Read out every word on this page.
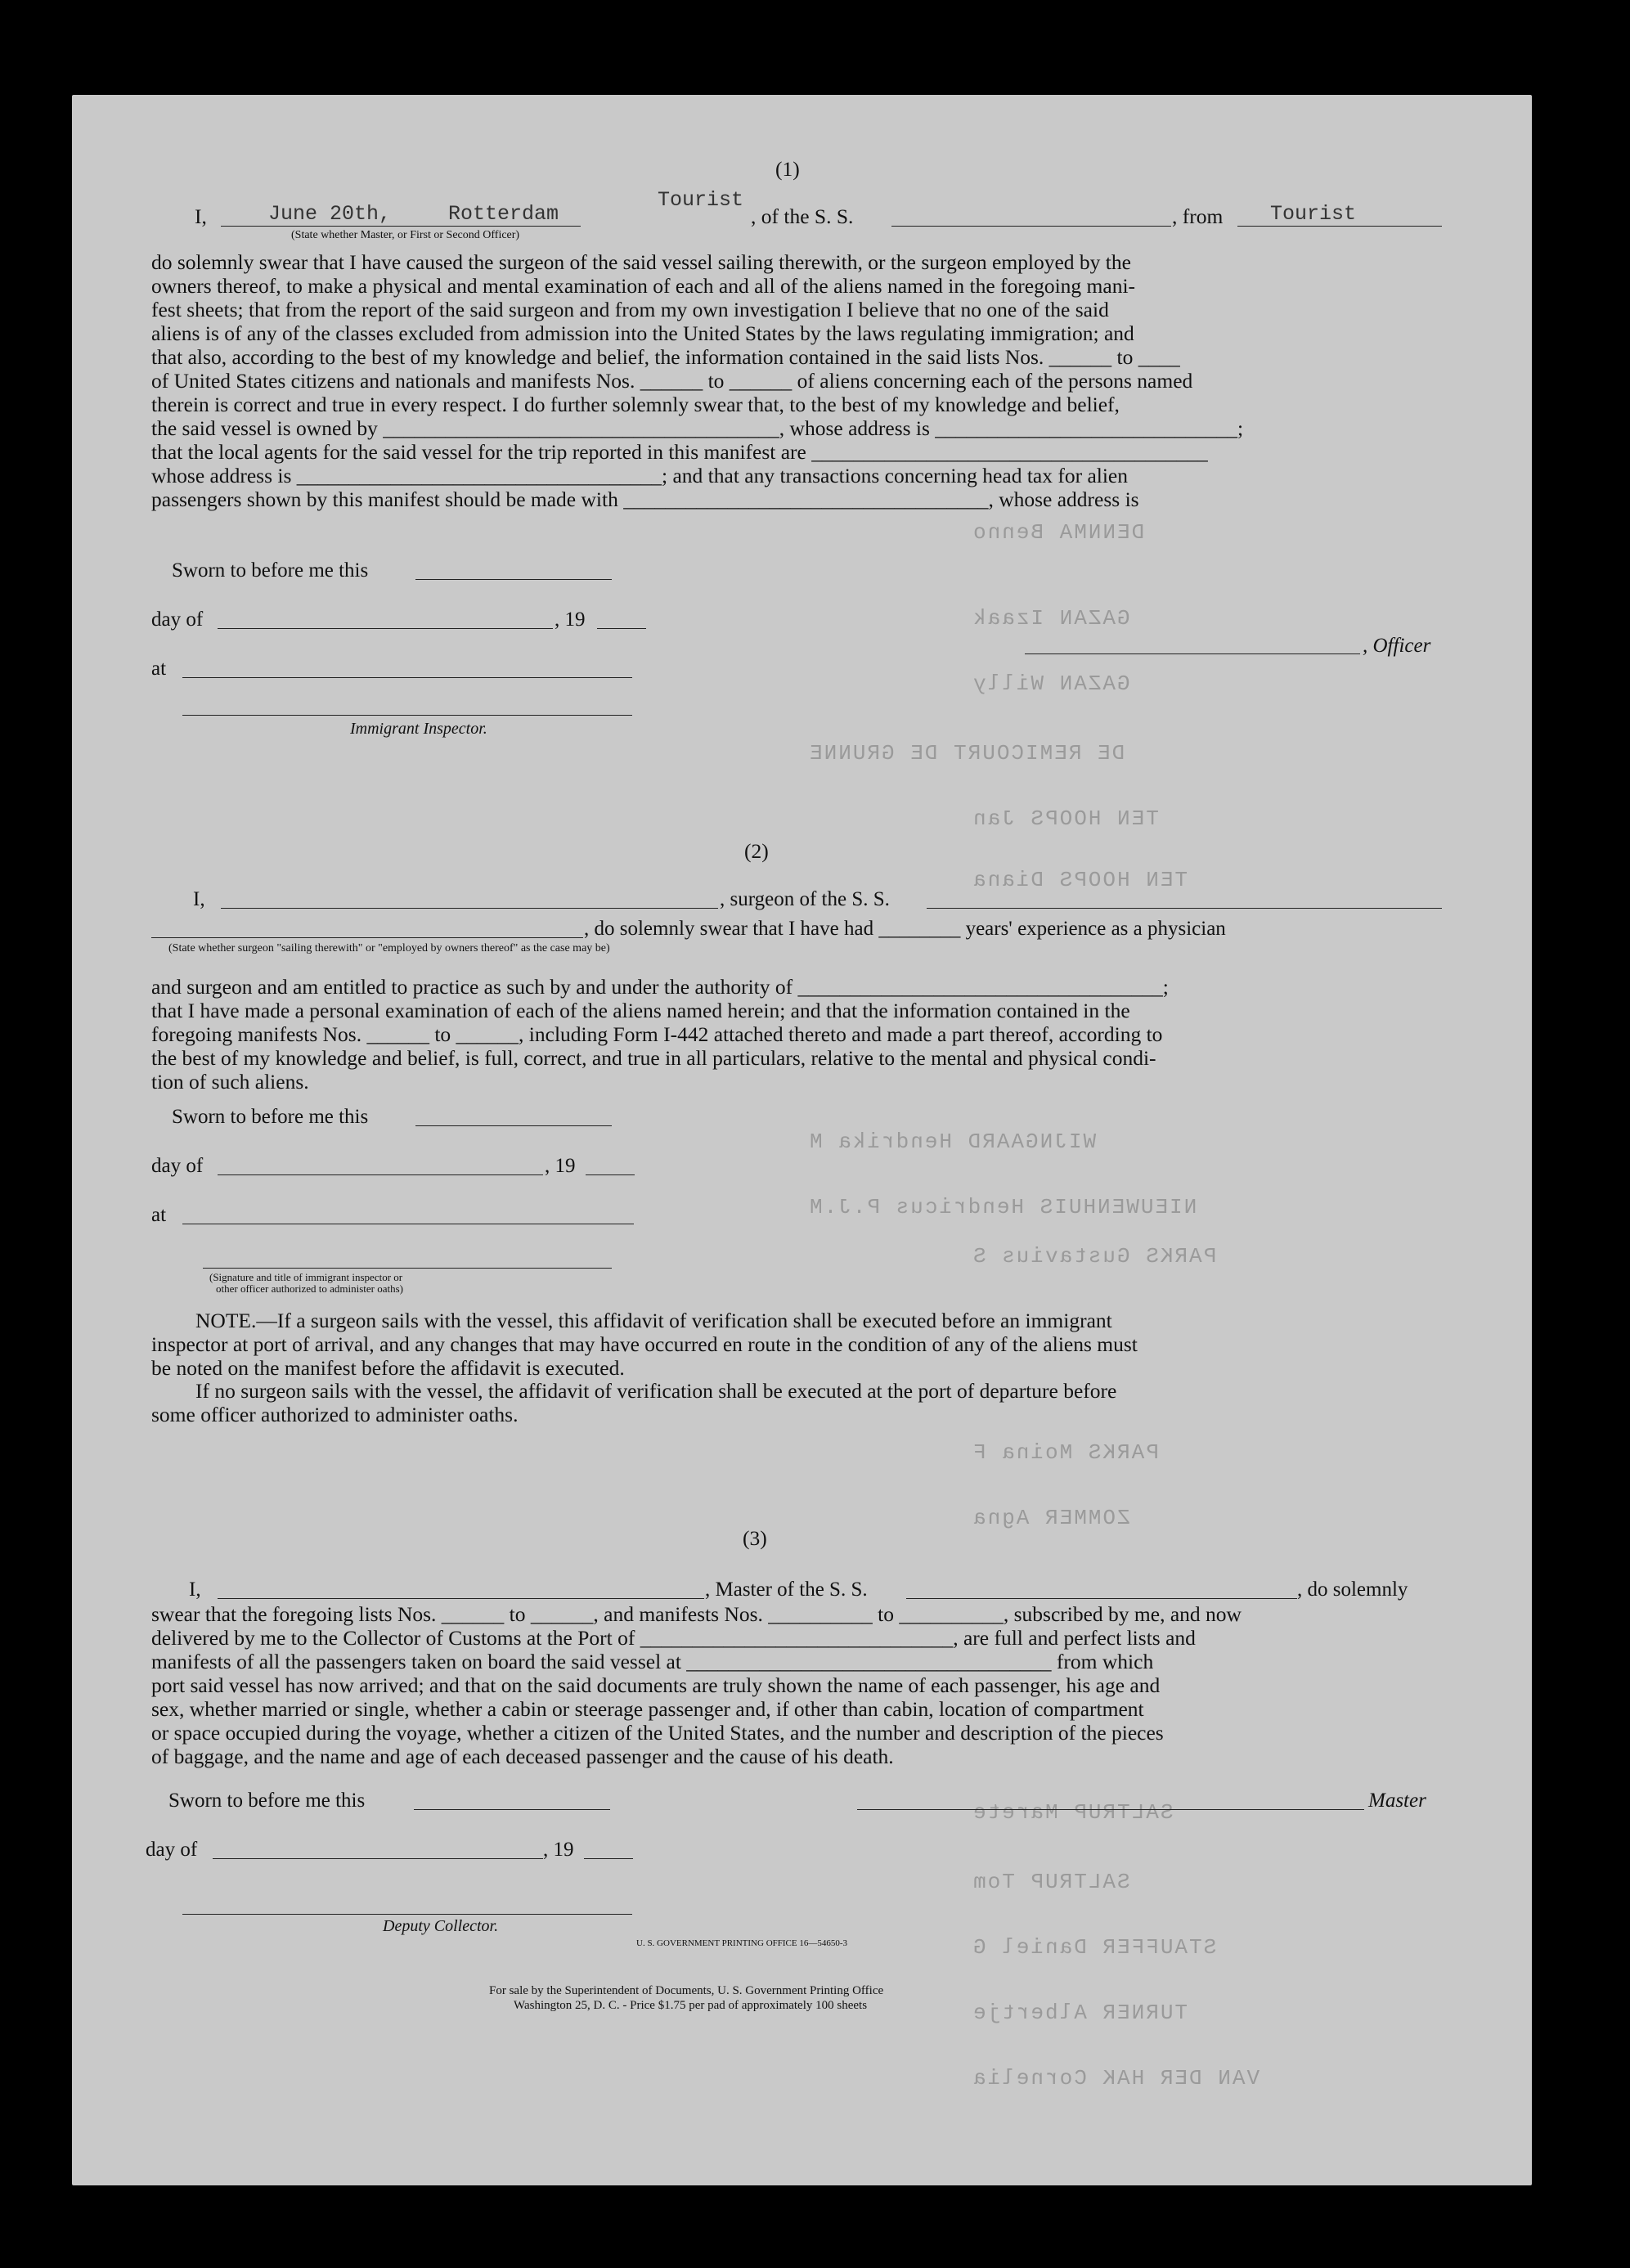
DENNMA Benno
GAZAN Izaak
GAZAN Willy
DE REMICOURT DE GRUNNE
TEN HOOPS Jan
TEN HOOPS Diana
WIJNGAARD Hendrika M
NIEUWENHUIS Hendricus P.J.M
PARKS Gustavius S
PARKS Moina F
ZOMMER Agna
SALTRUP Marete
SALTRUP Tom
STAUFFER Daniel G
TURNER Albertje
VAN DER HAK Cornelia
(1)
I,
Tourist
Rotterdam
June 20th,	, of the S. S.	, from Tourist
(State whether Master, or First or Second Officer)
do solemnly swear that I have caused the surgeon of the said vessel sailing therewith, or the surgeon employed by the
owners thereof, to make a physical and mental examination of each and all of the aliens named in the foregoing mani-
fest sheets; that from the report of the said surgeon and from my own investigation I believe that no one of the said
aliens is of any of the classes excluded from admission into the United States by the laws regulating immigration; and
that also, according to the best of my knowledge and belief, the information contained in the said lists Nos. ______ to ____
of United States citizens and nationals and manifests Nos. ______ to ______ of aliens concerning each of the persons named
therein is correct and true in every respect. I do further solemnly swear that, to the best of my knowledge and belief,
the said vessel is owned by ______________________________________, whose address is _____________________________;
that the local agents for the said vessel for the trip reported in this manifest are ______________________________________
whose address is ___________________________________; and that any transactions concerning head tax for alien
passengers shown by this manifest should be made with ___________________________________, whose address is
Sworn to before me this
day of	, 19
, Officer
at
Immigrant Inspector.
(2)
I,	, surgeon of the S. S.
, do solemnly swear that I have had ________ years' experience as a physician
(State whether surgeon "sailing therewith" or "employed by owners thereof" as the case may be)
and surgeon and am entitled to practice as such by and under the authority of ___________________________________;
that I have made a personal examination of each of the aliens named herein; and that the information contained in the
foregoing manifests Nos. ______ to ______, including Form I-442 attached thereto and made a part thereof, according to
the best of my knowledge and belief, is full, correct, and true in all particulars, relative to the mental and physical condi-
tion of such aliens.
Sworn to before me this
day of	, 19
at
(Signature and title of immigrant inspector or
other officer authorized to administer oaths)
NOTE.—If a surgeon sails with the vessel, this affidavit of verification shall be executed before an immigrant
inspector at port of arrival, and any changes that may have occurred en route in the condition of any of the aliens must
be noted on the manifest before the affidavit is executed.
If no surgeon sails with the vessel, the affidavit of verification shall be executed at the port of departure before
some officer authorized to administer oaths.
(3)
I,	, Master of the S. S.	, do solemnly
swear that the foregoing lists Nos. ______ to ______, and manifests Nos. __________ to __________, subscribed by me, and now
delivered by me to the Collector of Customs at the Port of ______________________________, are full and perfect lists and
manifests of all the passengers taken on board the said vessel at ___________________________________ from which
port said vessel has now arrived; and that on the said documents are truly shown the name of each passenger, his age and
sex, whether married or single, whether a cabin or steerage passenger and, if other than cabin, location of compartment
or space occupied during the voyage, whether a citizen of the United States, and the number and description of the pieces
of baggage, and the name and age of each deceased passenger and the cause of his death.
Sworn to before me this	Master
day of	, 19
Deputy Collector.
U. S. GOVERNMENT PRINTING OFFICE 16—54650-3
For sale by the Superintendent of Documents, U. S. Government Printing Office
Washington 25, D. C. - Price $1.75 per pad of approximately 100 sheets
